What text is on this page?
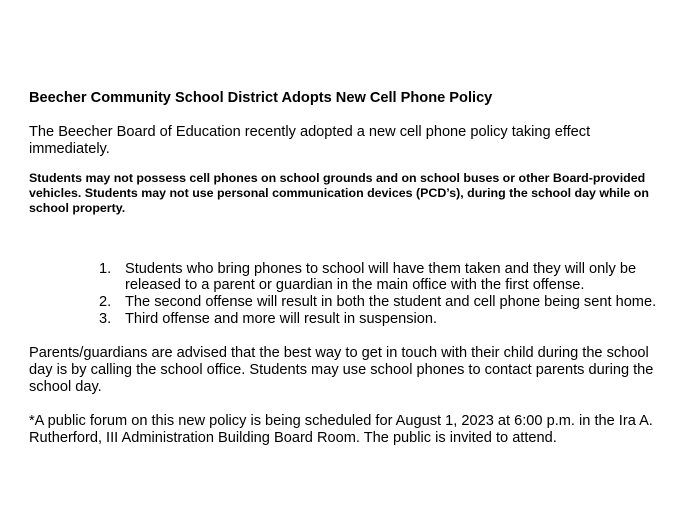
Beecher Community School District Adopts New Cell Phone Policy

The Beecher Board of Education recently adopted a new cell phone policy taking effect immediately.

Students may not possess cell phones on school grounds and on school buses or other Board-provided vehicles. Students may not use personal communication devices (PCD’s), during the school day while on school property.

1. Students who bring phones to school will have them taken and they will only be released to a parent or guardian in the main office with the first offense.
2. The second offense will result in both the student and cell phone being sent home.
3. Third offense and more will result in suspension.

Parents/guardians are advised that the best way to get in touch with their child during the school day is by calling the school office. Students may use school phones to contact parents during the school day.

*A public forum on this new policy is being scheduled for August 1, 2023 at 6:00 p.m. in the Ira A. Rutherford, III Administration Building Board Room. The public is invited to attend.
